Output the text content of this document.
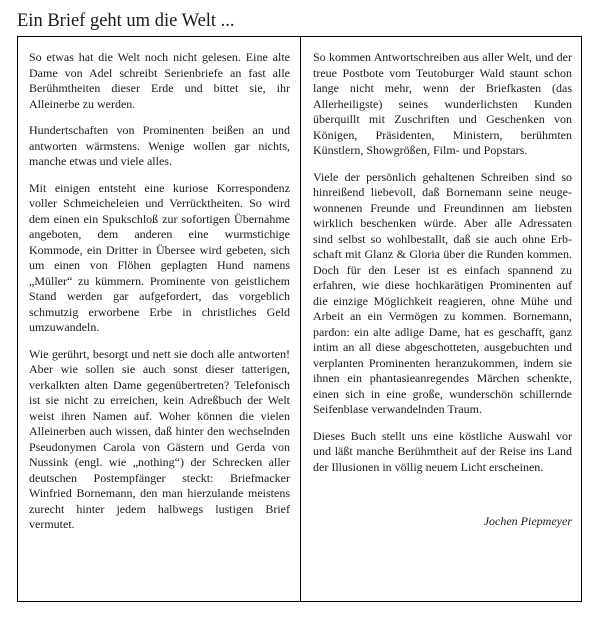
Ein Brief geht um die Welt ...

So etwas hat die Welt noch nicht gelesen. Eine alte Dame von Adel schreibt Serienbriefe an fast alle Berühmtheiten dieser Erde und bittet sie, ihr Alleinerbe zu werden.

Hundertschaften von Prominenten beißen an und antworten wärmstens. Wenige wollen gar nichts, manche etwas und viele alles.

Mit einigen entsteht eine kuriose Korrespondenz voller Schmeicheleien und Verrücktheiten. So wird dem einen ein Spukschloß zur sofortigen Übernahme angeboten, dem anderen eine wurmstichige Kommode, ein Dritter in Übersee wird gebeten, sich um einen von Flöhen geplagten Hund namens „Müller“ zu kümmern. Prominente von geistlichem Stand werden gar aufgefordert, das vorgeblich schmutzig erworbene Erbe in christliches Geld umzuwandeln.

Wie gerührt, besorgt und nett sie doch alle antworten! Aber wie sollen sie auch sonst dieser tatterigen, verkalkten alten Dame gegenübertreten? Telefonisch ist sie nicht zu erreichen, kein Adreßbuch der Welt weist ihren Namen auf. Woher können die vielen Alleinerben auch wissen, daß hinter den wechselnden Pseudonymen Carola von Gästern und Gerda von Nussink (engl. wie „nothing“) der Schrecken aller deutschen Postempfänger steckt: Briefmacker Winfried Bornemann, den man hierzulande meistens zurecht hinter jedem halbwegs lustigen Brief vermutet.

So kommen Antwortschreiben aus aller Welt, und der treue Postbote vom Teutoburger Wald staunt schon lange nicht mehr, wenn der Briefkasten (das Allerheiligste) seines wunderlichsten Kunden überquillt mit Zuschriften und Geschenken von Königen, Präsidenten, Ministern, berühmten Künstlern, Showgrößen, Film- und Popstars.

Viele der persönlich gehaltenen Schreiben sind so hinreißend liebevoll, daß Bornemann seine neugewonnenen Freunde und Freundinnen am liebsten wirklich beschenken würde. Aber alle Adressaten sind selbst so wohlbestallt, daß sie auch ohne Erbschaft mit Glanz & Gloria über die Runden kommen. Doch für den Leser ist es einfach spannend zu erfahren, wie diese hochkarätigen Prominenten auf die einzige Möglichkeit reagieren, ohne Mühe und Arbeit an ein Vermögen zu kommen. Bornemann, pardon: ein alte adlige Dame, hat es geschafft, ganz intim an all diese abgeschotteten, ausgebuchten und verplanten Prominenten heranzukommen, indem sie ihnen ein phantasieanregendes Märchen schenkte, einen sich in eine große, wunderschön schillernde Seifenblase verwandelnden Traum.

Dieses Buch stellt uns eine köstliche Auswahl vor und läßt manche Berühmtheit auf der Reise ins Land der Illusionen in völlig neuem Licht erscheinen.

Jochen Piepmeyer
